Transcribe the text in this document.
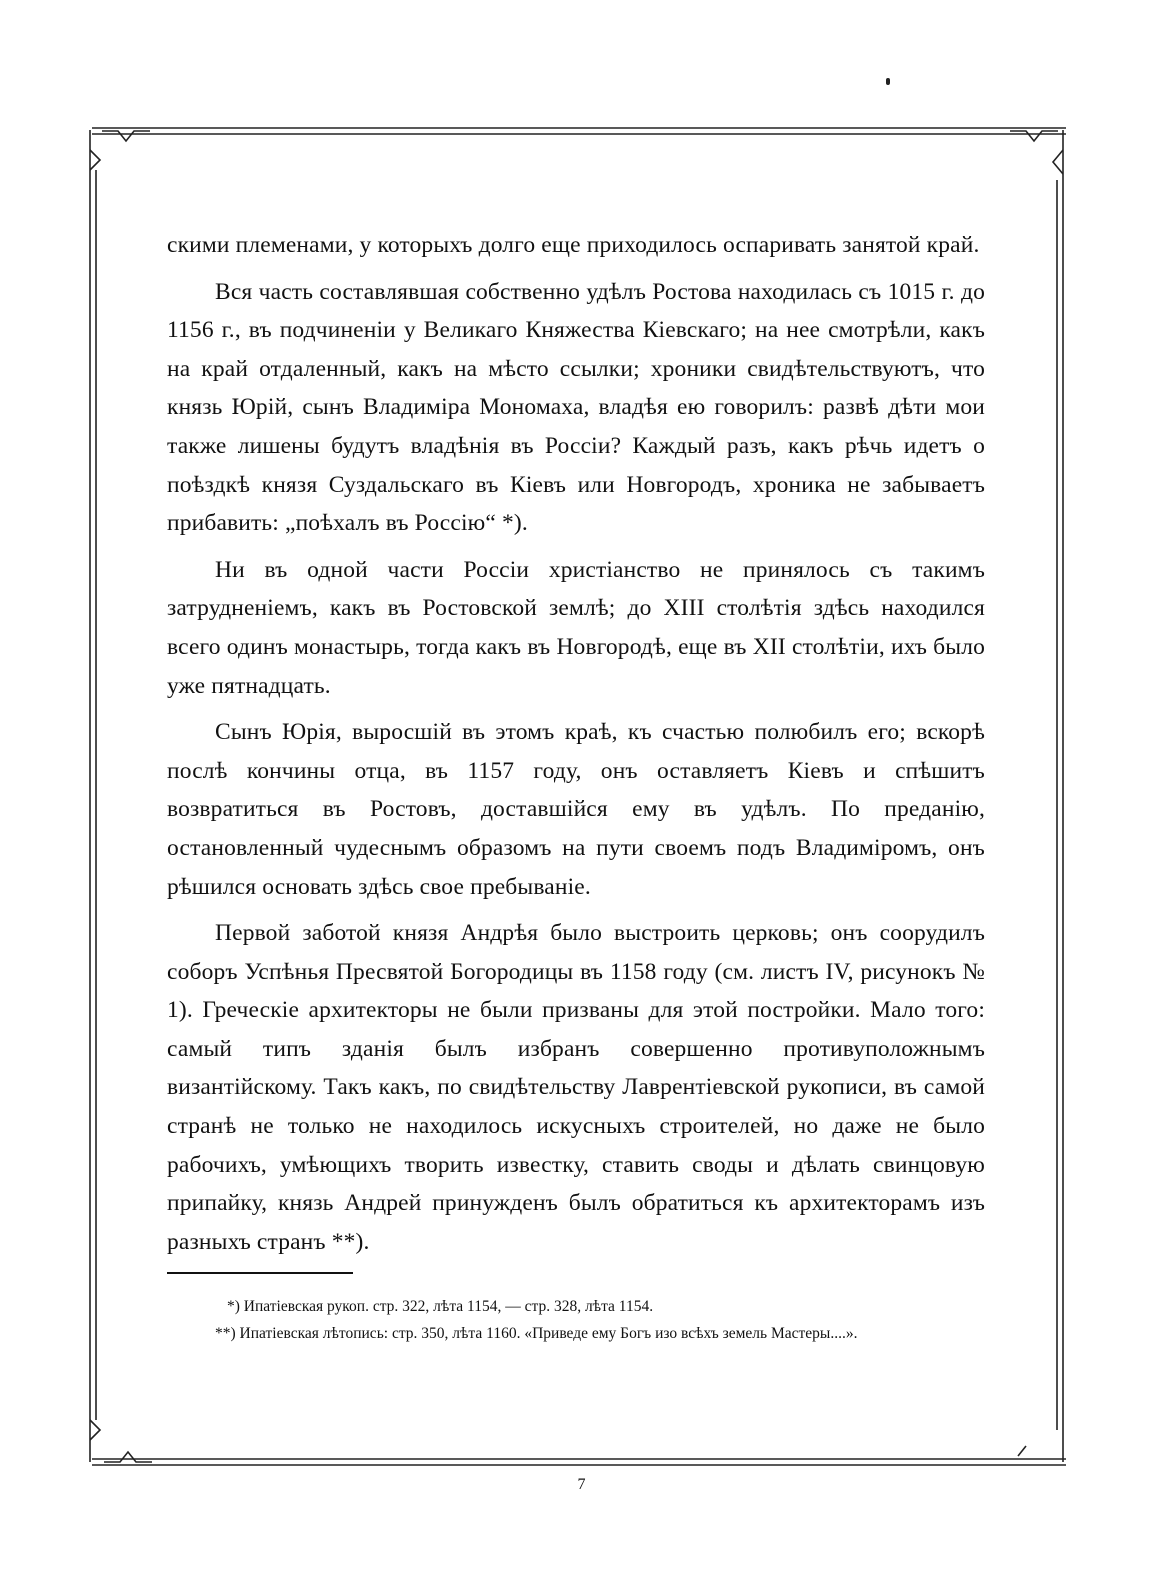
скими племенами, у которыхъ долго еще приходилось оспаривать занятой край.

Вся часть составлявшая собственно удѣлъ Ростова находилась съ 1015 г. до 1156 г., въ подчиненіи у Великаго Княжества Кіевскаго; на нее смотрѣли, какъ на край отдаленный, какъ на мѣсто ссылки; хроники свидѣтельствуютъ, что князь Юрій, сынъ Владиміра Мономаха, владѣя ею говорилъ: развѣ дѣти мои также лишены будутъ владѣнія въ Россіи? Каждый разъ, какъ рѣчь идетъ о поѣздкѣ князя Суздальскаго въ Кіевъ или Новгородъ, хроника не забываетъ прибавить: „поѣхалъ въ Россію“ *).

Ни въ одной части Россіи христіанство не принялось съ такимъ затрудненіемъ, какъ въ Ростовской землѣ; до XIII столѣтія здѣсь находился всего одинъ монастырь, тогда какъ въ Новгородѣ, еще въ XII столѣтіи, ихъ было уже пятнадцать.

Сынъ Юрія, выросшій въ этомъ краѣ, къ счастью полюбилъ его; вскорѣ послѣ кончины отца, въ 1157 году, онъ оставляетъ Кіевъ и спѣшитъ возвратиться въ Ростовъ, доставшійся ему въ удѣлъ. По преданію, остановленный чудеснымъ образомъ на пути своемъ подъ Владиміромъ, онъ рѣшился основать здѣсь свое пребываніе.

Первой заботой князя Андрѣя было выстроить церковь; онъ соорудилъ соборъ Успѣнья Пресвятой Богородицы въ 1158 году (см. листъ IV, рисунокъ № 1). Греческіе архитекторы не были призваны для этой постройки. Мало того: самый типъ зданія былъ избранъ совершенно противуположнымъ византійскому. Такъ какъ, по свидѣтельству Лаврентіевской рукописи, въ самой странѣ не только не находилось искусныхъ строителей, но даже не было рабочихъ, умѣющихъ творить известку, ставить своды и дѣлать свинцовую припайку, князь Андрей принужденъ былъ обратиться къ архитекторамъ изъ разныхъ странъ **).

*) Ипатіевская рукоп. стр. 322, лѣта 1154, — стр. 328, лѣта 1154.

**) Ипатіевская лѣтопись: стр. 350, лѣта 1160. «Приведе ему Богъ изо всѣхъ земель Мастеры....».

7
